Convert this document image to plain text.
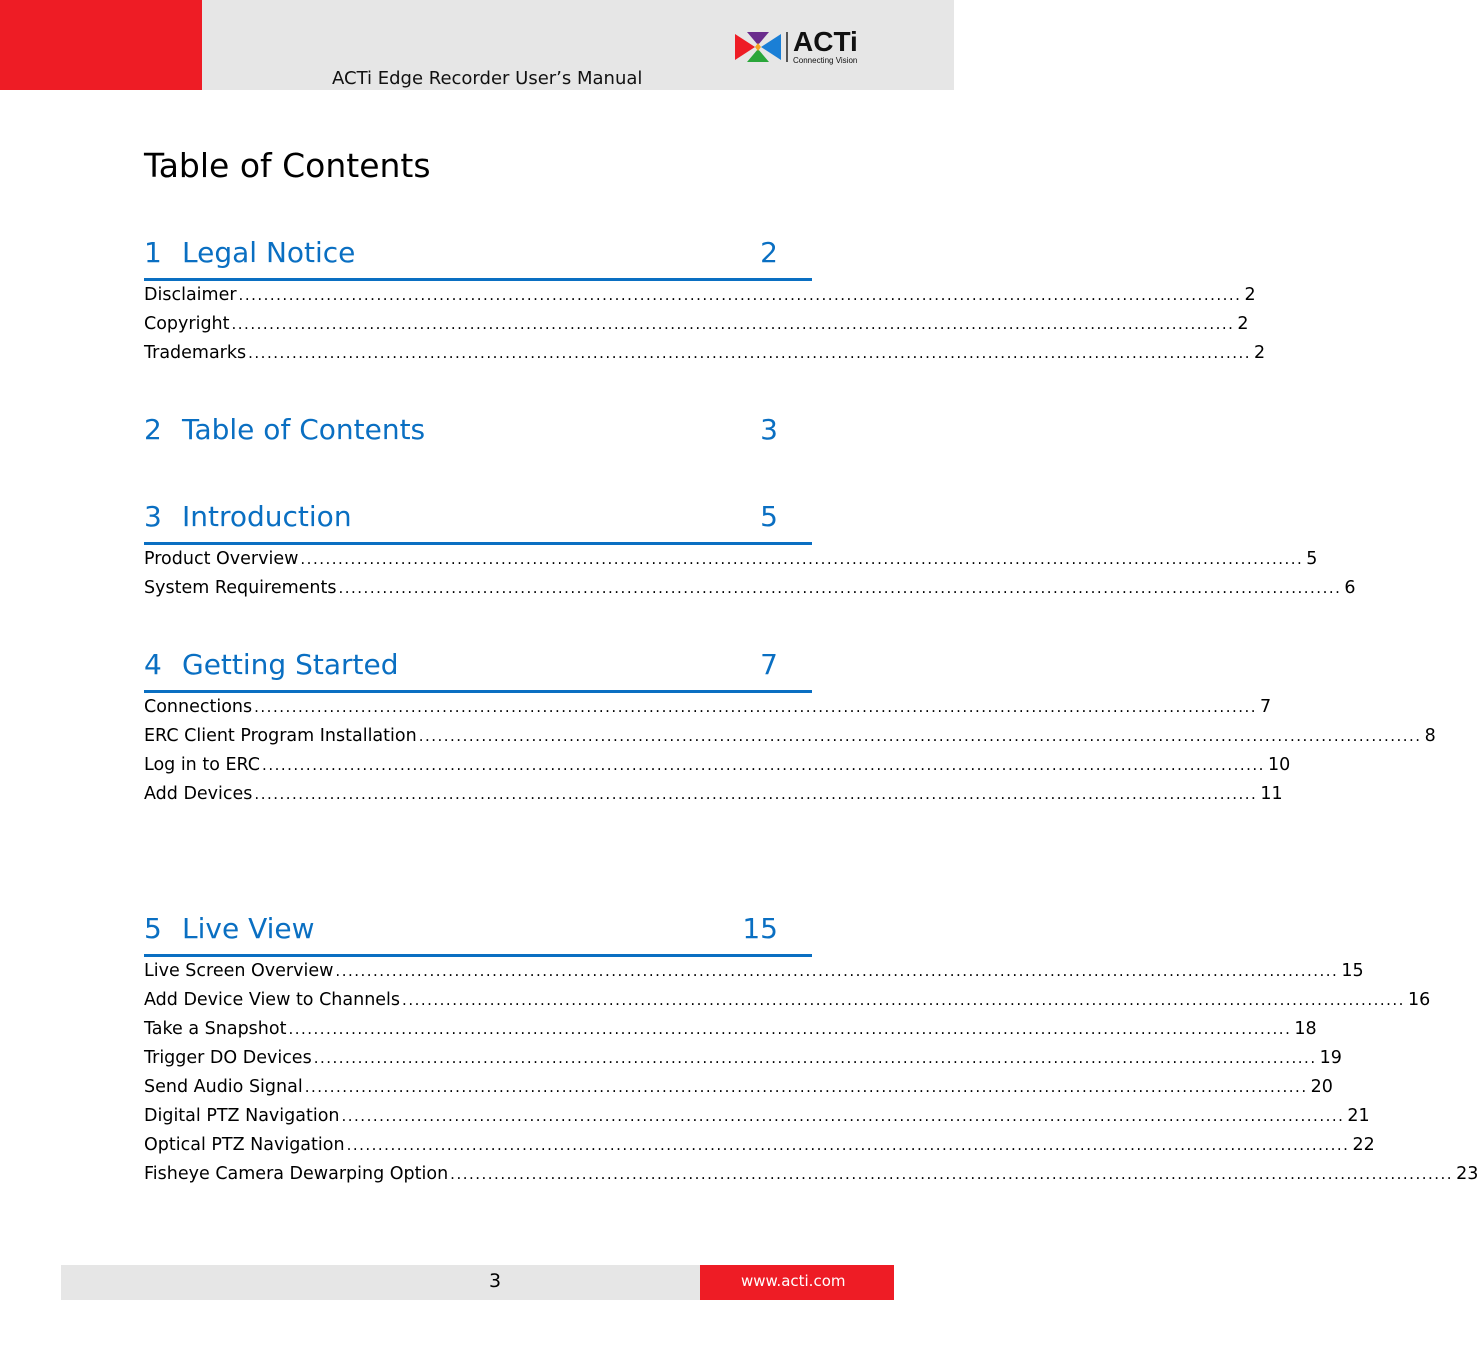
ACTi Edge Recorder User’s Manual
ACTi
Connecting Vision
Table of Contents
1 Legal Notice	2
Disclaimer ................................................................................................................................................................ 2
Copyright ................................................................................................................................................................ 2
Trademarks ................................................................................................................................................................ 2
2 Table of Contents	3
3 Introduction	5
Product Overview ................................................................................................................................................................ 5
System Requirements ................................................................................................................................................................ 6
4 Getting Started	7
Connections ................................................................................................................................................................ 7
ERC Client Program Installation ................................................................................................................................................................ 8
Log in to ERC ................................................................................................................................................................ 10
Add Devices ................................................................................................................................................................ 11
5 Live View	15
Live Screen Overview ................................................................................................................................................................ 15
Add Device View to Channels ................................................................................................................................................................ 16
Take a Snapshot ................................................................................................................................................................ 18
Trigger DO Devices ................................................................................................................................................................ 19
Send Audio Signal ................................................................................................................................................................ 20
Digital PTZ Navigation ................................................................................................................................................................ 21
Optical PTZ Navigation ................................................................................................................................................................ 22
Fisheye Camera Dewarping Option ................................................................................................................................................................ 23
3	www.acti.com
